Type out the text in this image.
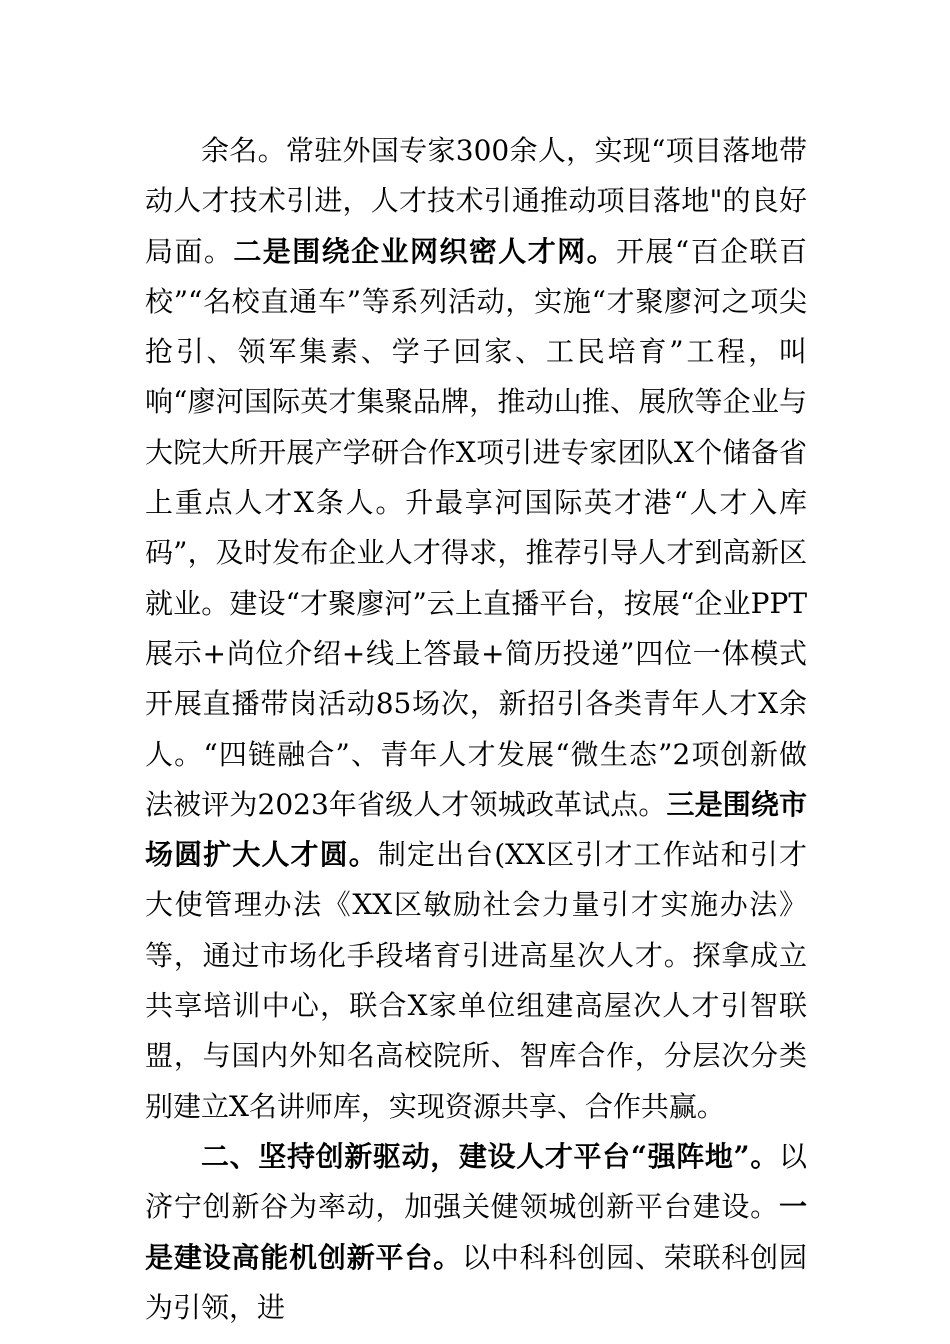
余名。常驻外国专家300余人，实现“项目落地带动人才技术引进，人才技术引通推动项目落地"的良好局面。二是围绕企业网织密人才网。开展“百企联百校”“名校直通车”等系列活动，实施“才聚廖河之项尖抢引、领军集素、学子回家、工民培育”工程，叫响“廖河国际英才集聚品牌，推动山推、展欣等企业与大院大所开展产学研合作X项引进专家团队X个储备省上重点人才X条人。升最享河国际英才港“人才入库码”，及时发布企业人才得求，推荐引导人才到高新区就业。建设“才聚廖河”云上直播平台，按展“企业PPT展示+尚位介绍+线上答最+简历投递”四位一体模式开展直播带岗活动85场次，新招引各类青年人才X余人。“四链融合”、青年人才发展“微生态”2项创新做法被评为2023年省级人才领城政革试点。三是围绕市场圆扩大人才圆。制定出台(XX区引才工作站和引才大使管理办法《XX区敏励社会力量引才实施办法》等，通过市场化手段堵育引进高星次人才。探拿成立共享培训中心，联合X家单位组建高屋次人才引智联盟，与国内外知名高校院所、智库合作，分层次分类别建立X名讲师库，实现资源共享、合作共赢。

二、坚持创新驱动，建设人才平台“强阵地”。以济宁创新谷为率动，加强关健领城创新平台建设。一是建设高能机创新平台。以中科科创园、荣联科创园为引领，进
